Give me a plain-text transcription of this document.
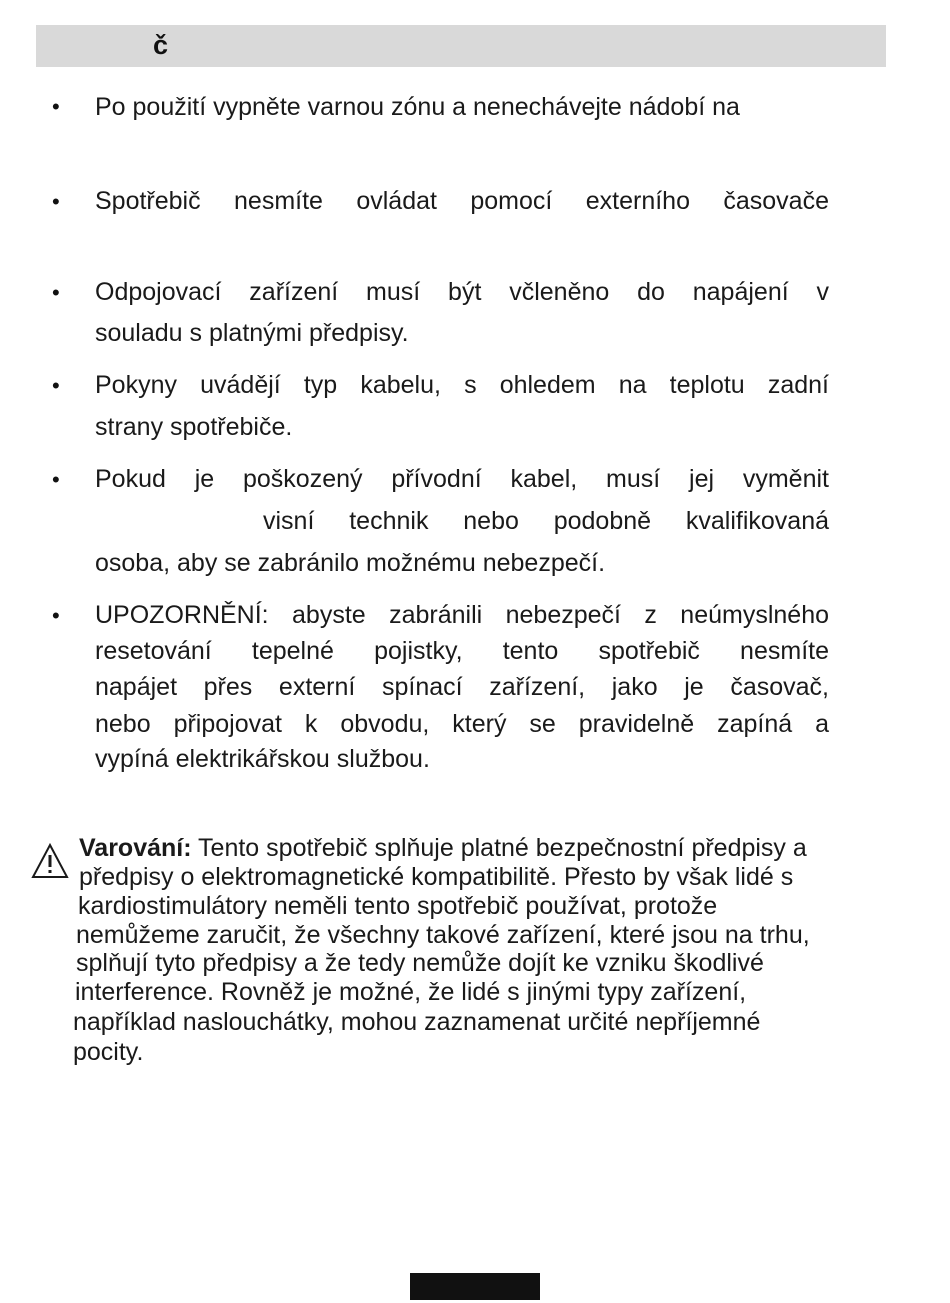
č
• Po použití vypněte varnou zónu a nenechávejte nádobí na
• Spotřebič nesmíte ovládat pomocí externího časovače
• Odpojovací zařízení musí být včleněno do napájení v
souladu s platnými předpisy.
• Pokyny uvádějí typ kabelu, s ohledem na teplotu zadní
strany spotřebiče.
• Pokud je poškozený přívodní kabel, musí jej vyměnit
visní technik nebo podobně kvalifikovaná
osoba, aby se zabránilo možnému nebezpečí.
• UPOZORNĚNÍ: abyste zabránili nebezpečí z neúmyslného
resetování tepelné pojistky, tento spotřebič nesmíte
napájet přes externí spínací zařízení, jako je časovač,
nebo připojovat k obvodu, který se pravidelně zapíná a
vypíná elektrikářskou službou.
Varování: Tento spotřebič splňuje platné bezpečnostní předpisy a
předpisy o elektromagnetické kompatibilitě. Přesto by však lidé s
kardiostimulátory neměli tento spotřebič používat, protože
nemůžeme zaručit, že všechny takové zařízení, které jsou na trhu,
splňují tyto předpisy a že tedy nemůže dojít ke vzniku škodlivé
interference. Rovněž je možné, že lidé s jinými typy zařízení,
například naslouchátky, mohou zaznamenat určité nepříjemné
pocity.
